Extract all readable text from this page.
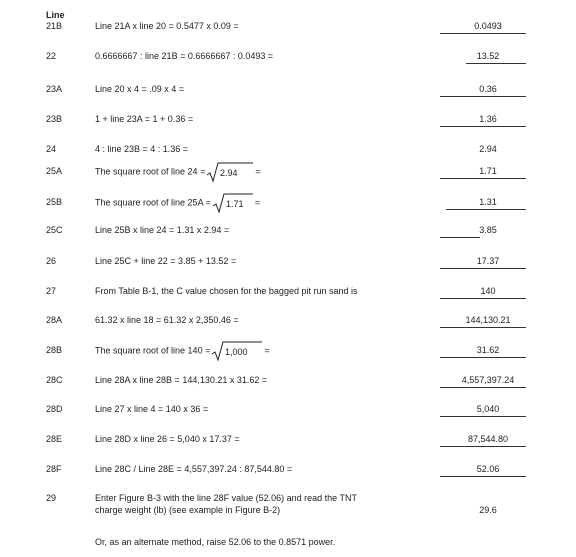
Line
21B	Line 21A x line 20 = 0.5477 x 0.09 =	0.0493
22	0.6666667 : line 21B = 0.6666667 : 0.0493 =	13.52
23A	Line 20 x 4 = .09 x 4 =	0.36
23B	1 + line 23A = 1 + 0.36 =	1.36
24	4 : line 23B = 4 : 1.36 =	2.94
25A	The square root of line 24 = 2.94 =	1.71
25B	The square root of line 25A = 1.71 =	1.31
25C	Line 25B x line 24 = 1.31 x 2.94 =	3.85
26	Line 25C + line 22 = 3.85 + 13.52 =	17.37
27	From Table B-1, the C value chosen for the bagged pit run sand is	140
28A	61.32 x line 18 = 61.32 x 2,350.46 =	144,130.21
28B	The square root of line 140 = 1,000 =	31.62
28C	Line 28A x line 28B = 144,130.21 x 31.62 =	4,557,397.24
28D	Line 27 x line 4 = 140 x 36 =	5,040
28E	Line 28D x line 26 = 5,040 x 17.37 =	87,544.80
28F	Line 28C / Line 28E = 4,557,397.24 : 87,544.80 =	52.06
29	Enter Figure B-3 with the line 28F value (52.06) and read the TNT
charge weight (lb) (see example in Figure B-2)	29.6
Or, as an alternate method, raise 52.06 to the 0.8571 power.
